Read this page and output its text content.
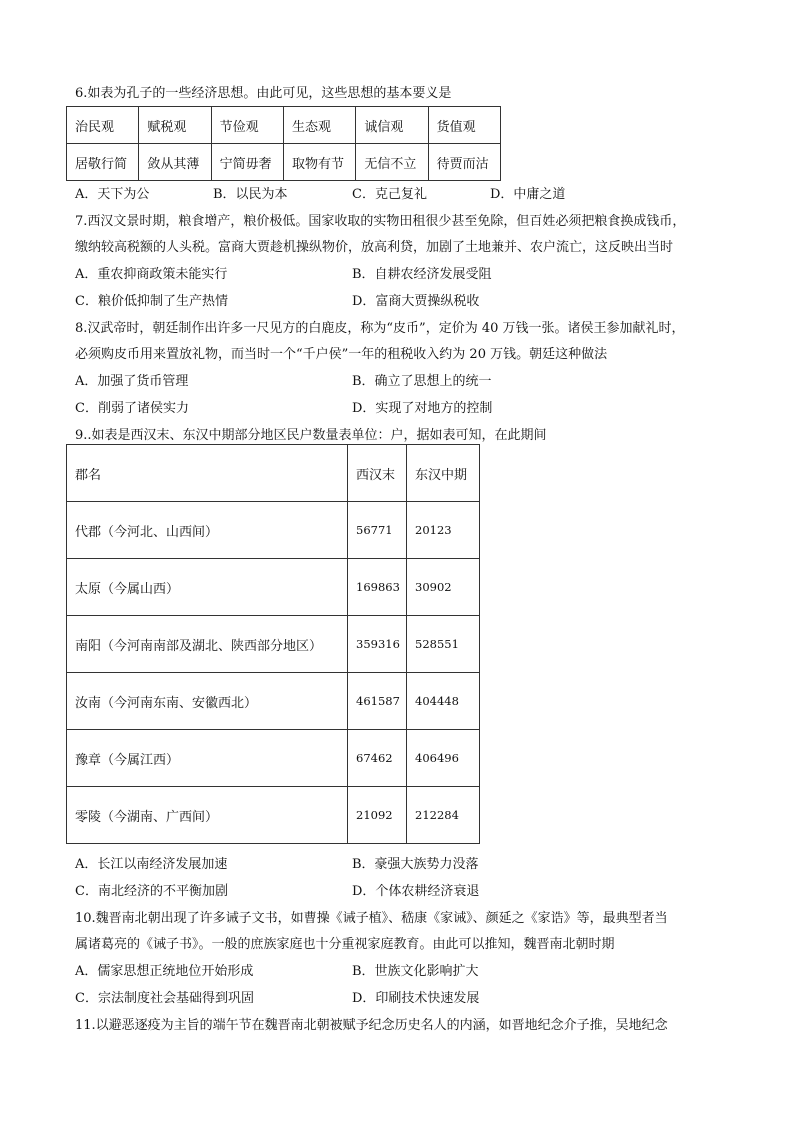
6.如表为孔子的一些经济思想。由此可见，这些思想的基本要义是
治民观	赋税观	节俭观	生态观	诚信观	货值观
居敬行简	敛从其薄	宁简毋奢	取物有节	无信不立	待贾而沽
A．天下为公	B．以民为本	C．克己复礼	D．中庸之道
7.西汉文景时期，粮食增产，粮价极低。国家收取的实物田租很少甚至免除，但百姓必须把粮食换成钱币，
缴纳较高税额的人头税。富商大贾趁机操纵物价，放高利贷，加剧了土地兼并、农户流亡，这反映出当时
A．重农抑商政策未能实行	B．自耕农经济发展受阻
C．粮价低抑制了生产热情	D．富商大贾操纵税收
8.汉武帝时，朝廷制作出许多一尺见方的白鹿皮，称为“皮币”，定价为 40 万钱一张。诸侯王参加献礼时，
必须购皮币用来置放礼物，而当时一个“千户侯”一年的租税收入约为 20 万钱。朝廷这种做法
A．加强了货币管理	B．确立了思想上的统一
C．削弱了诸侯实力	D．实现了对地方的控制
9..如表是西汉末、东汉中期部分地区民户数量表单位：户，据如表可知，在此期间
郡名	西汉末	东汉中期
代郡（今河北、山西间）	56771	20123
太原（今属山西）	169863	30902
南阳（今河南南部及湖北、陕西部分地区）	359316	528551
汝南（今河南东南、安徽西北）	461587	404448
豫章（今属江西）	67462	406496
零陵（今湖南、广西间）	21092	212284
A．长江以南经济发展加速	B．豪强大族势力没落
C．南北经济的不平衡加剧	D．个体农耕经济衰退
10.魏晋南北朝出现了许多诫子文书，如曹操《诫子植》、嵇康《家诫》、颜延之《家诰》等，最典型者当
属诸葛亮的《诫子书》。一般的庶族家庭也十分重视家庭教育。由此可以推知，魏晋南北朝时期
A．儒家思想正统地位开始形成	B．世族文化影响扩大
C．宗法制度社会基础得到巩固	D．印刷技术快速发展
11.以避恶逐疫为主旨的端午节在魏晋南北朝被赋予纪念历史名人的内涵，如晋地纪念介子推，吴地纪念
